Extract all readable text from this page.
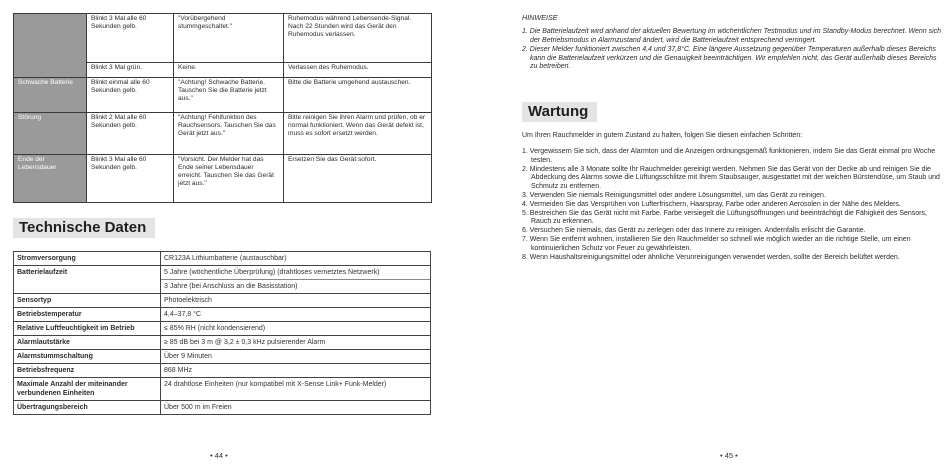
	Blinkt 3 Mal alle 60 Sekunden gelb.	"Vorübergehend stummgeschaltet."	Ruhemodus während Lebensende-Signal. Nach 22 Stunden wird das Gerät den Ruhemodus verlassen.
	Blinkt 3 Mal grün.	Keine.	Verlassen des Ruhemodus.
Schwache Batterie	Blinkt einmal alle 60 Sekunden gelb.	"Achtung! Schwache Batterie. Tauschen Sie die Batterie jetzt aus."	Bitte die Batterie umgehend austauschen.
Störung	Blinkt 2 Mal alle 60 Sekunden gelb.	"Achtung! Fehlfunktion des Rauchsensors. Tauschen Sie das Gerät jetzt aus."	Bitte reinigen Sie ihren Alarm und prüfen, ob er normal funktioniert. Wenn das Gerät defekt ist, muss es sofort ersetzt werden.
Ende der Lebensdauer	Blinkt 3 Mal alle 60 Sekunden gelb.	"Vorsicht. Der Melder hat das Ende seiner Lebensdauer erreicht. Tauschen Sie das Gerät jetzt aus."	Ersetzen Sie das Gerät sofort.
Technische Daten
Stromversorgung	CR123A Lithiumbatterie (austauschbar)
Batterielaufzeit	5 Jahre (wöchentliche Überprüfung) (drahtloses vernetztes Netzwerk)
3 Jahre (bei Anschluss an die Basisstation)

Sensortyp	Photoelektrisch
Betriebstemperatur	4,4–37,8 °C
Relative Luftfeuchtigkeit im Betrieb	≤ 85% RH (nicht kondensierend)
Alarmlautstärke	≥ 85 dB bei 3 m @ 3,2 ± 0,3 kHz pulsierender Alarm
Alarmstummschaltung	Über 9 Minuten
Betriebsfrequenz	868 MHz
Maximale Anzahl der miteinander verbundenen Einheiten	24 drahtlose Einheiten (nur kompatibel mit X-Sense Link+ Funk-Melder)
Übertragungsbereich	Über 500 m im Freien
• 44 •
HINWEISE
1. Die Batterielaufzeit wird anhand der aktuellen Bewertung im wöchentlichen Testmodus und im Standby-Modus berechnet. Wenn sich der Betriebsmodus in Alarmzustand ändert, wird die Batterielaufzeit entsprechend verringert.
2. Dieser Melder funktioniert zwischen 4,4 und 37,8°C. Eine längere Aussetzung gegenüber Temperaturen außerhalb dieses Bereichs kann die Batterielaufzeit verkürzen und die Genauigkeit beeinträchtigen. Wir empfehlen nicht, das Gerät außerhalb dieses Bereichs zu betreiben.
Wartung
Um Ihren Rauchmelder in gutem Zustand zu halten, folgen Sie diesen einfachen Schritten:
1. Vergewissern Sie sich, dass der Alarmton und die Anzeigen ordnungsgemäß funktionieren, indem Sie das Gerät einmal pro Woche testen.
2. Mindestens alle 3 Monate sollte Ihr Rauchmelder gereinigt werden. Nehmen Sie das Gerät von der Decke ab und reinigen Sie die Abdeckung des Alarms sowie die Lüftungsschlitze mit Ihrem Staubsauger, ausgestattet mit der weichen Bürstendüse, um Staub und Schmutz zu entfernen.
3. Verwenden Sie niemals Reinigungsmittel oder andere Lösungsmittel, um das Gerät zu reinigen.
4. Vermeiden Sie das Versprühen von Lufterfrischern, Haarspray, Farbe oder anderen Aerosolen in der Nähe des Melders.
5. Bestreichen Sie das Gerät nicht mit Farbe. Farbe versiegelt die Lüftungsöffnungen und beeinträchtigt die Fähigkeit des Sensors, Rauch zu erkennen.
6. Versuchen Sie niemals, das Gerät zu zerlegen oder das Innere zu reinigen. Andernfalls erlischt die Garantie.
7. Wenn Sie entfernt wohnen, installieren Sie den Rauchmelder so schnell wie möglich wieder an die richtige Stelle, um einen kontinuierlichen Schutz vor Feuer zu gewährleisten.
8. Wenn Haushaltsreinigungsmittel oder ähnliche Verunreinigungen verwendet werden, sollte der Bereich belüftet werden.
• 45 •
